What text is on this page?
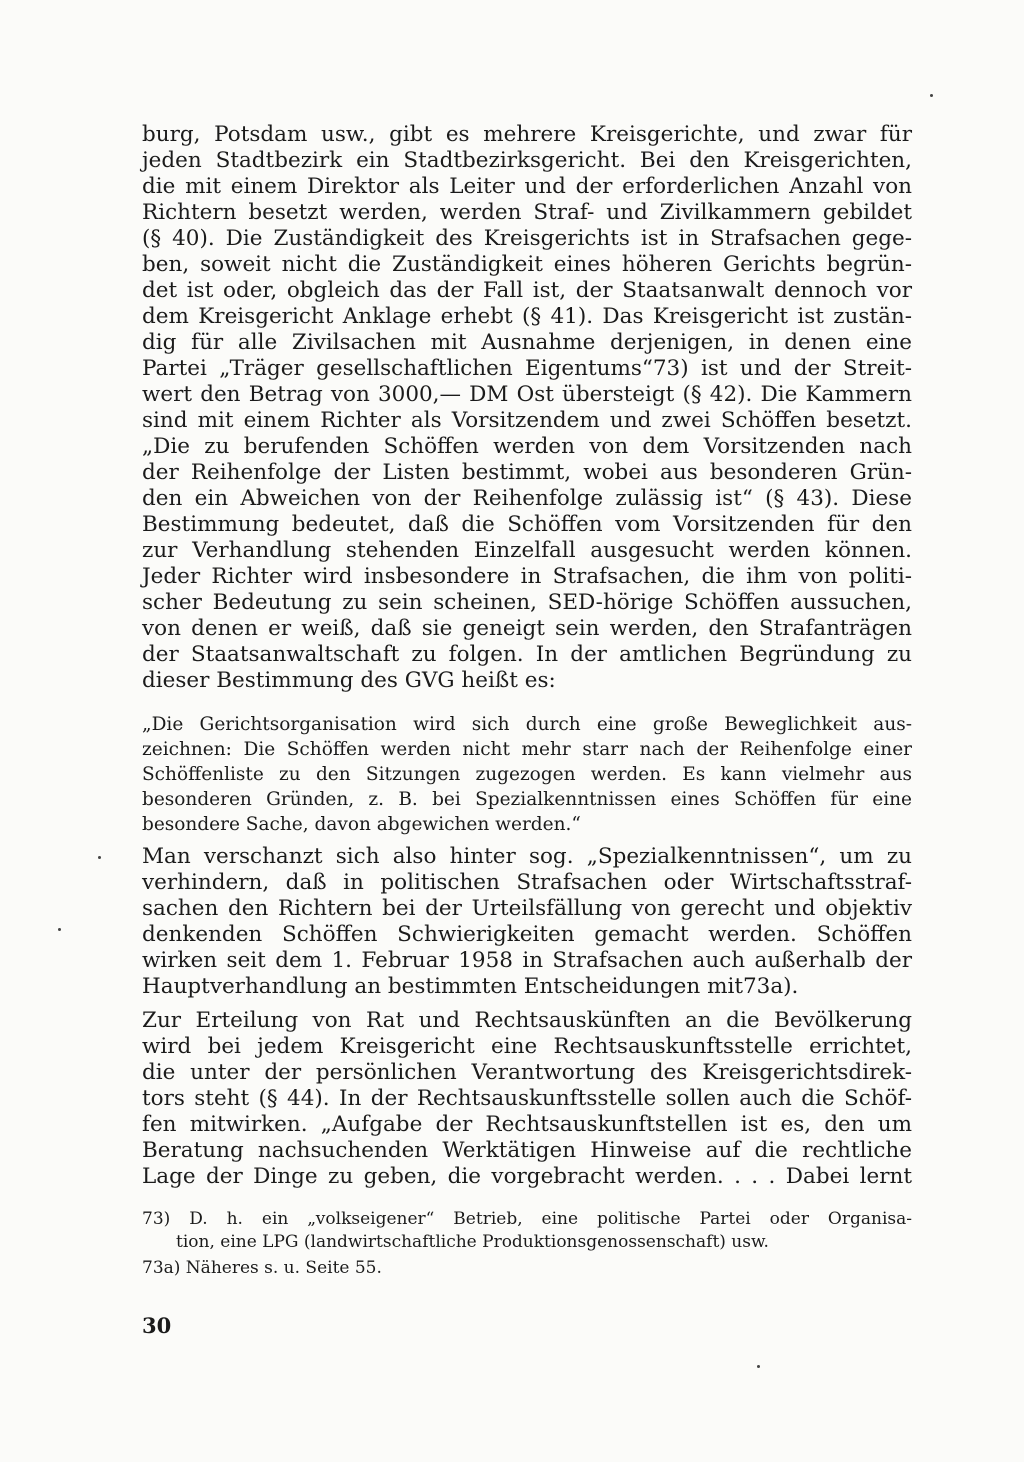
burg, Potsdam usw., gibt es mehrere Kreisgerichte, und zwar für
jeden Stadtbezirk ein Stadtbezirksgericht. Bei den Kreisgerichten,
die mit einem Direktor als Leiter und der erforderlichen Anzahl von
Richtern besetzt werden, werden Straf- und Zivilkammern gebildet
(§ 40). Die Zuständigkeit des Kreisgerichts ist in Strafsachen gege-
ben, soweit nicht die Zuständigkeit eines höheren Gerichts begrün-
det ist oder, obgleich das der Fall ist, der Staatsanwalt dennoch vor
dem Kreisgericht Anklage erhebt (§ 41). Das Kreisgericht ist zustän-
dig für alle Zivilsachen mit Ausnahme derjenigen, in denen eine
Partei „Träger gesellschaftlichen Eigentums“73) ist und der Streit-
wert den Betrag von 3000,— DM Ost übersteigt (§ 42). Die Kammern
sind mit einem Richter als Vorsitzendem und zwei Schöffen besetzt.
„Die zu berufenden Schöffen werden von dem Vorsitzenden nach
der Reihenfolge der Listen bestimmt, wobei aus besonderen Grün-
den ein Abweichen von der Reihenfolge zulässig ist“ (§ 43). Diese
Bestimmung bedeutet, daß die Schöffen vom Vorsitzenden für den
zur Verhandlung stehenden Einzelfall ausgesucht werden können.
Jeder Richter wird insbesondere in Strafsachen, die ihm von politi-
scher Bedeutung zu sein scheinen, SED-hörige Schöffen aussuchen,
von denen er weiß, daß sie geneigt sein werden, den Strafanträgen
der Staatsanwaltschaft zu folgen. In der amtlichen Begründung zu
dieser Bestimmung des GVG heißt es:
„Die Gerichtsorganisation wird sich durch eine große Beweglichkeit aus-
zeichnen: Die Schöffen werden nicht mehr starr nach der Reihenfolge einer
Schöffenliste zu den Sitzungen zugezogen werden. Es kann vielmehr aus
besonderen Gründen, z. B. bei Spezialkenntnissen eines Schöffen für eine
besondere Sache, davon abgewichen werden.“
Man verschanzt sich also hinter sog. „Spezialkenntnissen“, um zu
verhindern, daß in politischen Strafsachen oder Wirtschaftsstraf-
sachen den Richtern bei der Urteilsfällung von gerecht und objektiv
denkenden Schöffen Schwierigkeiten gemacht werden. Schöffen
wirken seit dem 1. Februar 1958 in Strafsachen auch außerhalb der
Hauptverhandlung an bestimmten Entscheidungen mit73a).
Zur Erteilung von Rat und Rechtsauskünften an die Bevölkerung
wird bei jedem Kreisgericht eine Rechtsauskunftsstelle errichtet,
die unter der persönlichen Verantwortung des Kreisgerichtsdirek-
tors steht (§ 44). In der Rechtsauskunftsstelle sollen auch die Schöf-
fen mitwirken. „Aufgabe der Rechtsauskunftstellen ist es, den um
Beratung nachsuchenden Werktätigen Hinweise auf die rechtliche
Lage der Dinge zu geben, die vorgebracht werden. . . . Dabei lernt
73) D. h. ein „volkseigener“ Betrieb, eine politische Partei oder Organisa-
tion, eine LPG (landwirtschaftliche Produktionsgenossenschaft) usw.
73a) Näheres s. u. Seite 55.
30
